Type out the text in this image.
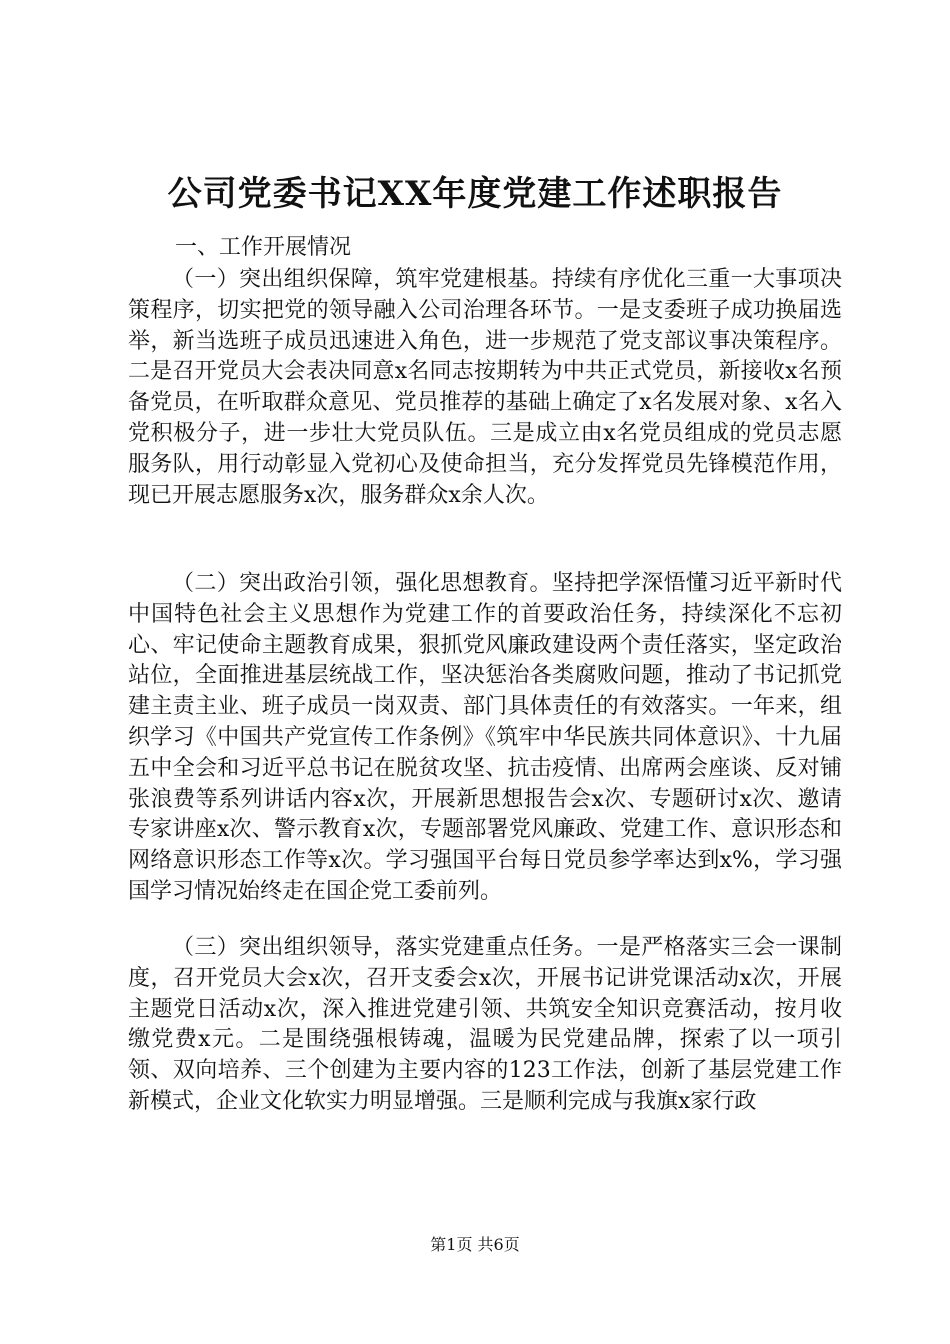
公司党委书记XX年度党建工作述职报告

一、工作开展情况

（一）突出组织保障，筑牢党建根基。持续有序优化三重一大事项决策程序，切实把党的领导融入公司治理各环节。一是支委班子成功换届选举，新当选班子成员迅速进入角色，进一步规范了党支部议事决策程序。二是召开党员大会表决同意x名同志按期转为中共正式党员，新接收x名预备党员，在听取群众意见、党员推荐的基础上确定了x名发展对象、x名入党积极分子，进一步壮大党员队伍。三是成立由x名党员组成的党员志愿服务队，用行动彰显入党初心及使命担当，充分发挥党员先锋模范作用，现已开展志愿服务x次，服务群众x余人次。

（二）突出政治引领，强化思想教育。坚持把学深悟懂习近平新时代中国特色社会主义思想作为党建工作的首要政治任务，持续深化不忘初心、牢记使命主题教育成果，狠抓党风廉政建设两个责任落实，坚定政治站位，全面推进基层统战工作，坚决惩治各类腐败问题，推动了书记抓党建主责主业、班子成员一岗双责、部门具体责任的有效落实。一年来，组织学习《中国共产党宣传工作条例》《筑牢中华民族共同体意识》、十九届五中全会和习近平总书记在脱贫攻坚、抗击疫情、出席两会座谈、反对铺张浪费等系列讲话内容x次，开展新思想报告会x次、专题研讨x次、邀请专家讲座x次、警示教育x次，专题部署党风廉政、党建工作、意识形态和网络意识形态工作等x次。学习强国平台每日党员参学率达到x%，学习强国学习情况始终走在国企党工委前列。

（三）突出组织领导，落实党建重点任务。一是严格落实三会一课制度，召开党员大会x次，召开支委会x次，开展书记讲党课活动x次，开展主题党日活动x次，深入推进党建引领、共筑安全知识竞赛活动，按月收缴党费x元。二是围绕强根铸魂，温暖为民党建品牌，探索了以一项引领、双向培养、三个创建为主要内容的123工作法，创新了基层党建工作新模式，企业文化软实力明显增强。三是顺利完成与我旗x家行政

第1页 共6页
